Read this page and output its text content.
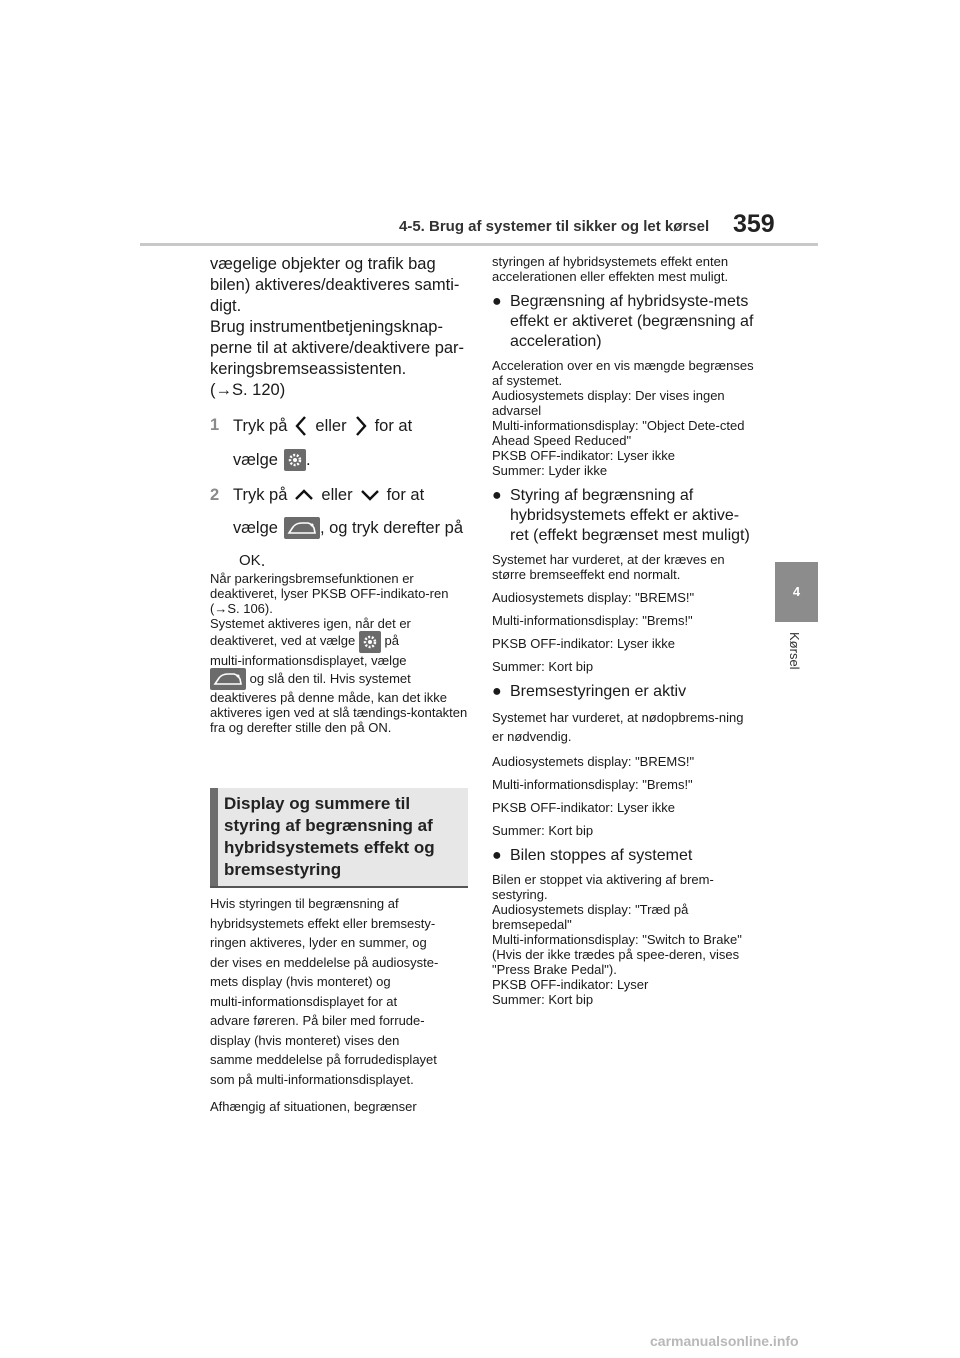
4-5. Brug af systemer til sikker og let kørsel 359
4
Kørsel

vægelige objekter og trafik bag bilen) aktiveres/deaktiveres samti-digt.

Brug instrumentbetjeningsknap-perne til at aktivere/deaktivere par-keringsbremseassistenten.

(→S. 120)

1 Tryk på eller for at
vælge .
2 Tryk på eller for at
vælge	, og tryk derefter på
OK .

Når parkeringsbremsefunktionen er deaktiveret, lyser PKSB OFF-indikato-ren (→S. 106).

Systemet aktiveres igen, når det er

deaktiveret, ved at vælge på
multi-informationsdisplayet, vælge

og slå den til. Hvis systemet deaktiveres på denne måde, kan det ikke aktiveres igen ved at slå tændings-kontakten fra og derefter stille den på ON.

Display og summere til styring af begrænsning af hybridsystemets effekt og bremsestyring

Hvis styringen til begrænsning af

hybridsystemets effekt eller bremsesty-

ringen aktiveres, lyder en summer, og

der vises en meddelelse på audiosyste-

mets display (hvis monteret) og

multi-informationsdisplayet for at

advare føreren. På biler med forrude-

display (hvis monteret) vises den

samme meddelelse på forrudedisplayet

som på multi-informationsdisplayet.

Afhængig af situationen, begrænser

styringen af hybridsystemets effekt enten accelerationen eller effekten mest muligt.

● Begrænsning af hybridsyste-mets effekt er aktiveret (begrænsning af acceleration)

Acceleration over en vis mængde begrænses af systemet.

Audiosystemets display: Der vises ingen advarsel

Multi-informationsdisplay: "Object Dete-cted Ahead Speed Reduced"

PKSB OFF-indikator: Lyser ikke

Summer: Lyder ikke

● Styring af begrænsning af hybridsystemets effekt er aktive-ret (effekt begrænset mest muligt)

Systemet har vurderet, at der kræves en større bremseeffekt end normalt.

Audiosystemets display: "BREMS!"

Multi-informationsdisplay: "Brems!"

PKSB OFF-indikator: Lyser ikke

Summer: Kort bip

● Bremsestyringen er aktiv

Systemet har vurderet, at nødopbrems-ning er nødvendig.

Audiosystemets display: "BREMS!"

Multi-informationsdisplay: "Brems!"

PKSB OFF-indikator: Lyser ikke

Summer: Kort bip

● Bilen stoppes af systemet

Bilen er stoppet via aktivering af brem-sestyring.

Audiosystemets display: "Træd på bremsepedal"

Multi-informationsdisplay: "Switch to Brake" (Hvis der ikke trædes på spee-deren, vises "Press Brake Pedal").

PKSB OFF-indikator: Lyser

Summer: Kort bip

carmanualsonline.info
